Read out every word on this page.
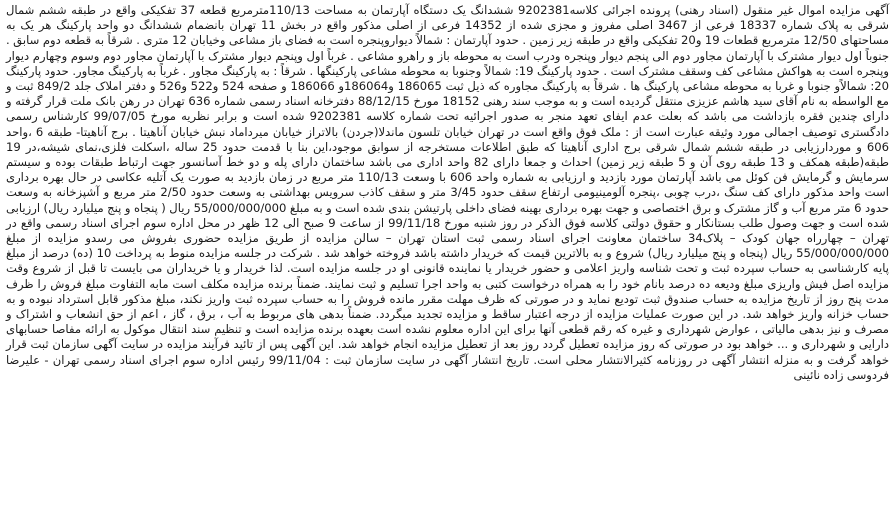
آگهی مزایده اموال غیر منقول (اسناد رهنی) پرونده اجرائی کلاسه9202381 ششدانگ یک دستگاه آپارتمان به مساحت 110/13مترمربع قطعه 37 تفکیکی واقع در طبقه ششم شمال شرقی به پلاک شماره 18337 فرعی از 3467 اصلی مفروز و مجزی شده از 14352 فرعی از اصلی مذکور واقع در بخش 11 تهران بانضمام ششدانگ دو واحد پارکینگ هر یک به مساحتهای 12/50 مترمربع قطعات 19 و20 تفکیکی واقع در طبقه زیر زمین . حدود آپارتمان : شمالاً دیوارو‌پنجره است به فضای باز مشاعی وخیابان 12 متری . شرقاً به قطعه دوم سابق . جنوباً اول دیوار مشترک با آپارتمان مجاور دوم الی پنجم دیوار وپنجره ودرب است به محوطه باز و راهرو مشاعی . غرباً اول وپنجم دیوار مشترک با آپارتمان مجاور دوم وسوم وچهارم دیوار وپنجره است به هواکش مشاعی کف وسقف مشترک است . حدود پارکینگ 19: شمالاً وجنوبا به محوطه مشاعی پارکینگها . شرقاً : به پارکینگ مجاور . غرباً به پارکینگ مجاور. حدود پارکینگ 20: شمالاًو جنوبا و غربا به محوطه مشاعی پارکینگ ها . شرقاً به پارکینگ مجاوره که ذیل ثبت 186065 و186064و 186066 و صفحه 524 و522 و526 و دفتر املاک جلد 849/2 ثبت و مع الواسطه به نام آقای سید هاشم عزیزی منتقل گردیده است و به موجب سند رهنی 18152 مورخ 88/12/15 دفترخانه اسناد رسمی شماره 636 تهران در رهن بانک ملت قرار گرفته و دارای چندین فقره بازداشت می باشد که بعلت عدم ایفای تعهد منجر به صدور اجرائیه تحت شماره کلاسه 9202381 شده است و برابر نظریه مورخ 99/07/05 کارشناس رسمی دادگستری توصیف اجمالی مورد وثیقه عبارت است از : ملک فوق واقع است در تهران خیابان تلسون ماندلا(جردن) بالاتراز خیابان میرداماد نبش خیابان آناهیتا . برج آناهیتا- طبقه 6 ،واحد 606 و موردارزیابی در طبقه ششم شمال شرقی برج اداری آناهیتا که طبق اطلاعات مستخرجه از سوابق موجود،این بنا با قدمت حدود 25 ساله ،اسکلت فلزی،نمای شیشه،در 19 طبقه(طبقه همکف و 13 طبقه روی آن و 5 طبقه زیر زمین) احداث و جمعا دارای 82 واحد اداری می باشد ساختمان دارای پله و دو خط آسانسور جهت ارتباط طبقات بوده و سیستم سرمایش و گرمایش فن کوئل می باشد آپارتمان مورد بازدید و ارزیابی به شماره واحد 606 با وسعت 110/13 متر مربع در زمان بازدید به صورت یک آتلیه عکاسی در حال بهره برداری است واحد مذکور دارای کف سنگ ،درب چوبی ،پنجره آلومینیومی ارتفاع سقف حدود 3/45 متر و سقف کاذب سرویس بهداشتی به وسعت حدود 2/50 متر مربع و آشپزخانه به وسعت حدود 6 متر مربع آب و گاز مشترک و برق اختصاصی و جهت بهره برداری بهینه فضای داخلی پارتیشن بندی شده است و به مبلغ 55/000/000/000 ریال ( پنجاه و پنج میلیارد ریال) ارزیابی شده است و جهت وصول طلب بستانکار و حقوق دولتی کلاسه فوق الذکر در روز شنبه مورخ 99/11/18 از ساعت 9 صبح الی 12 ظهر در محل اداره سوم اجرای اسناد رسمی واقع در تهران – چهارراه جهان کودک – پلاک34 ساختمان معاونت اجرای اسناد رسمی ثبت استان تهران – سالن مزایده از طریق مزایده حضوری بفروش می رسدو مزایده از مبلغ 55/000/000/000 ریال (پنجاه و پنج میلیارد ریال) شروع و به بالاترین قیمت که خریدار داشته باشد فروخته خواهد شد . شرکت در جلسه مزایده منوط به پرداخت 10 (ده) درصد از مبلغ پایه کارشناسی به حساب سپرده ثبت و تحت شناسه واریز اعلامی و حضور خریدار یا نماینده قانونی او در جلسه مزایده است. لذا خریدار و یا خریداران می بایست تا قبل از شروع وقت مزایده اصل فیش واریزی مبلغ ودیعه ده درصد بانام خود را به همراه درخواست کتبی به واحد اجرا تسلیم و ثبت نمایند. ضمناً برنده مزایده مکلف است مابه التفاوت مبلغ فروش را ظرف مدت پنج روز از تاریخ مزایده به حساب صندوق ثبت تودیع نماید و در صورتی که ظرف مهلت مقرر مانده فروش را به حساب سپرده ثبت واریز نکند، مبلغ مذکور قابل استرداد نبوده و به حساب خزانه واریز خواهد شد. در این صورت عملیات مزایده از درجه اعتبار ساقط و مزایده تجدید میگردد. ضمناً بدهی های مربوط به آب ، برق ، گاز ، اعم از حق انشعاب و اشتراک و مصرف و نیز بدهی مالیاتی ، عوارض شهرداری و غیره که رقم قطعی آنها برای این اداره معلوم نشده است بعهده برنده مزایده است و تنظیم سند انتقال موکول به ارائه مفاصا حسابهای دارایی و شهرداری و ... خواهد بود در صورتی که روز مزایده تعطیل گردد روز بعد از تعطیل مزایده انجام خواهد شد. این آگهی پس از تائید فرآیند مزایده در سایت آگهی سازمان ثبت قرار خواهد گرفت و به منزله انتشار آگهی در روزنامه کثیرالانتشار محلی است. تاریخ انتشار آگهی در سایت سازمان ثبت : 99/11/04 رئیس اداره سوم اجرای اسناد رسمی تهران - علیرضا فردوسی زاده نائینی
